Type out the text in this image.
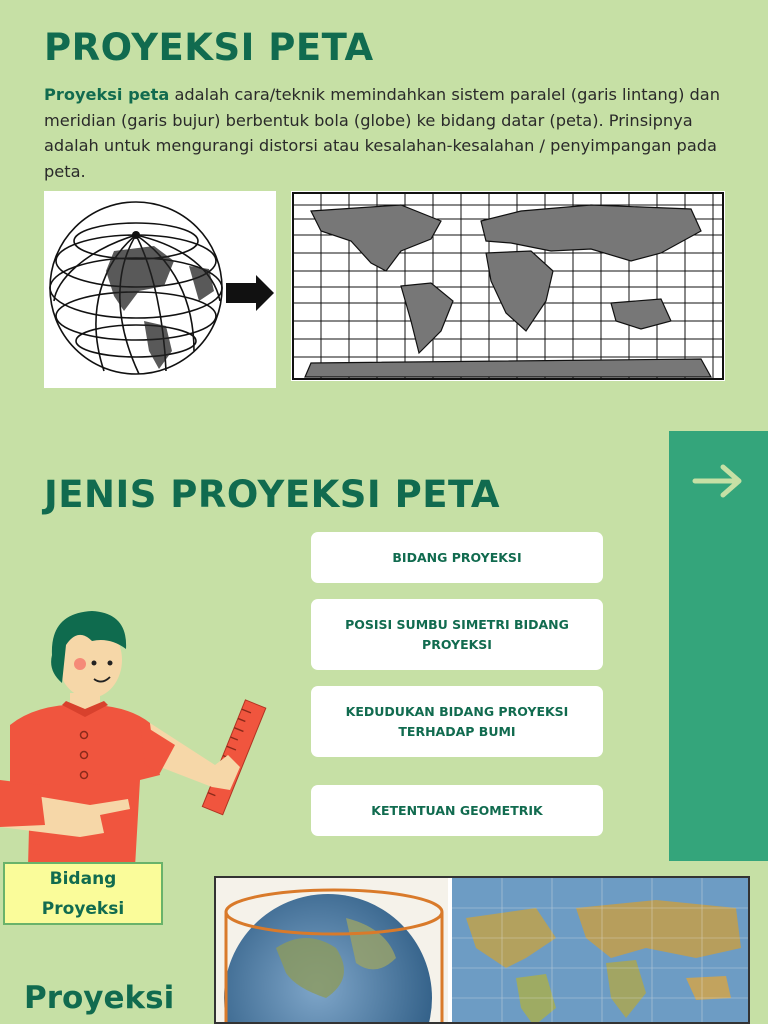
PROYEKSI PETA

Proyeksi peta adalah cara/teknik memindahkan sistem paralel (garis lintang) dan meridian (garis bujur) berbentuk bola (globe) ke bidang datar (peta). Prinsipnya adalah untuk mengurangi distorsi atau kesalahan-kesalahan / penyimpangan pada peta.

JENIS PROYEKSI PETA
BIDANG PROYEKSI
POSISI SUMBU SIMETRI BIDANG PROYEKSI
KEDUDUKAN BIDANG PROYEKSI TERHADAP BUMI
KETENTUAN GEOMETRIK
Bidang
Proyeksi
Proyeksi
